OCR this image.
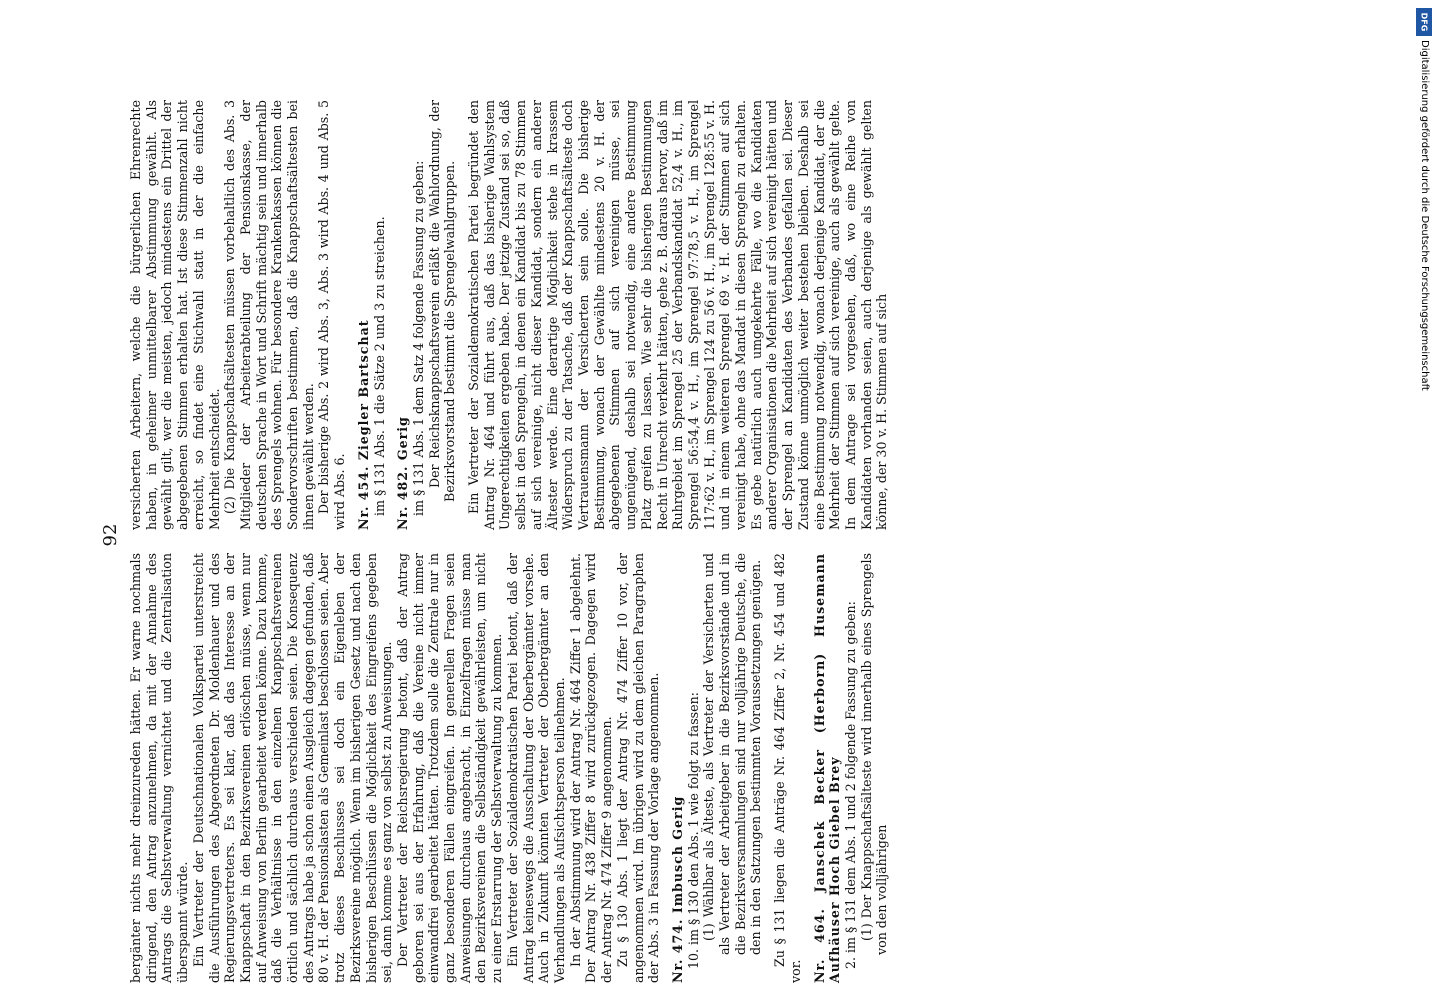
92

bergänter nichts mehr dreinzureden hätten. Er warne nochmals dringend, den Antrag anzunehmen, da mit der Annahme des Antrags die Selbstverwaltung vernichtet und die Zentralisation überspannt würde. Ein Vertreter der Deutschnationalen Volkspartei unterstreicht die Ausführungen des Abgeordneten Dr. Moldenhauer und des Regierungsvertreters. Es sei klar, daß das Interesse an der Knappschaft in den Bezirksvereinen erlöschen müsse, wenn nur auf Anweisung von Berlin gearbeitet werden könne. Dazu komme, daß die Verhältnisse in den einzelnen Knappschaftsvereinen örtlich und sächlich durchaus verschieden seien. Die Konsequenz des Antrags habe ja schon einen Ausgleich dagegen gefunden, daß 80 v. H. der Pensionslasten als Gemeinlast beschlossen seien. Aber trotz dieses Beschlusses sei doch ein Eigenleben der Bezirksvereine möglich. Wenn im bisherigen Gesetz und nach den bisherigen Beschlüssen die Möglichkeit des Eingreifens gegeben sei, dann komme es ganz von selbst zu Anweisungen. Der Vertreter der Reichsregierung betont, daß der Antrag geboren sei aus der Erfahrung, daß die Vereine nicht immer einwandfrei gearbeitet hätten. Trotzdem solle die Zentrale nur in ganz besonderen Fällen eingreifen. In generellen Fragen seien Anweisungen durchaus angebracht, in Einzelfragen müsse man den Bezirksvereinen die Selbständigkeit gewährleisten, um nicht zu einer Erstarrung der Selbstverwaltung zu kommen. Ein Vertreter der Sozialdemokratischen Partei betont, daß der Antrag keineswegs die Ausschaltung der Oberbergämter vorsehe. Auch in Zukunft könnten Vertreter der Oberbergämter an den Verhandlungen als Aufsichtsperson teilnehmen. In der Abstimmung wird der Antrag Nr. 464 Ziffer 1 abgelehnt. Der Antrag Nr. 438 Ziffer 8 wird zurückgezogen. Dagegen wird der Antrag Nr. 474 Ziffer 9 angenommen. Zu § 130 Abs. 1 liegt der Antrag Nr. 474 Ziffer 10 vor, der angenommen wird. Im übrigen wird zu dem gleichen Paragraphen der Abs. 3 in Fassung der Vorlage angenommen. Nr. 474. Imbusch Gerig 10. im § 130 den Abs. 1 wie folgt zu fassen: (1) Wählbar als Älteste, als Vertreter der Versicherten und als Vertreter der Arbeitgeber in die Bezirksvorstände und in die Bezirksversammlungen sind nur volljährige Deutsche, die den in den Satzungen bestimmten Voraussetzungen genügen. Zu § 131 liegen die Anträge Nr. 464 Ziffer 2, Nr. 454 und 482 vor. Nr. 464. Janschek Becker (Herborn) Husemann Aufhäuser Hoch Giebel Brey 2. im § 131 dem Abs. 1 und 2 folgende Fassung zu geben: (1) Der Knappschaftsälteste wird innerhalb eines Sprengels von den volljährigen

versicherten Arbeitern, welche die bürgerlichen Ehrenrechte haben, in geheimer unmittelbarer Abstimmung gewählt. Als gewählt gilt, wer die meisten, jedoch mindestens ein Drittel der abgegebenen Stimmen erhalten hat. Ist diese Stimmenzahl nicht erreicht, so findet eine Stichwahl statt in der die einfache Mehrheit entscheidet. (2) Die Knappschaftsältesten müssen vorbehaltlich des Abs. 3 Mitglieder der Arbeiterabteilung der Pensionskasse, der deutschen Sprache in Wort und Schrift mächtig sein und innerhalb des Sprengels wohnen. Für besondere Krankenkassen können die Sondervorschriften bestimmen, daß die Knappschaftsältesten bei ihnen gewählt werden. Der bisherige Abs. 2 wird Abs. 3, Abs. 3 wird Abs. 4 und Abs. 5 wird Abs. 6. Nr. 454. Ziegler Bartschat im § 131 Abs. 1 die Sätze 2 und 3 zu streichen. Nr. 482. Gerig im § 131 Abs. 1 dem Satz 4 folgende Fassung zu geben: Der Reichsknappschaftsverein erläßt die Wahlordnung, der Bezirksvorstand bestimmt die Sprengelwahlgruppen. Ein Vertreter der Sozialdemokratischen Partei begründet den Antrag Nr. 464 und führt aus, daß das bisherige Wahlsystem Ungerechtigkeiten ergeben habe. Der jetzige Zustand sei so, daß selbst in den Sprengeln, in denen ein Kandidat bis zu 78 Stimmen auf sich vereinige, nicht dieser Kandidat, sondern ein anderer Ältester werde. Eine derartige Möglichkeit stehe in krassem Widerspruch zu der Tatsache, daß der Knappschaftsälteste doch Vertrauensmann der Versicherten sein solle. Die bisherige Bestimmung, wonach der Gewählte mindestens 20 v. H. der abgegebenen Stimmen auf sich vereinigen müsse, sei ungenügend, deshalb sei notwendig, eine andere Bestimmung Platz greifen zu lassen. Wie sehr die bisherigen Bestimmungen Recht in Unrecht verkehrt hätten, gehe z. B. daraus hervor, daß im Ruhrgebiet im Sprengel 25 der Verbandskandidat 52,4 v. H., im Sprengel 56:54,4 v. H., im Sprengel 97:78,5 v. H., im Sprengel 117:62 v. H., im Sprengel 124 zu 56 v. H., im Sprengel 128:55 v. H. und in einem weiteren Sprengel 69 v. H. der Stimmen auf sich vereinigt habe, ohne das Mandat in diesen Sprengeln zu erhalten. Es gebe natürlich auch umgekehrte Fälle, wo die Kandidaten anderer Organisationen die Mehrheit auf sich vereinigt hätten und der Sprengel an Kandidaten des Verbandes gefallen sei. Dieser Zustand könne unmöglich weiter bestehen bleiben. Deshalb sei eine Bestimmung notwendig, wonach derjenige Kandidat, der die Mehrheit der Stimmen auf sich vereinige, auch als gewählt gelte. In dem Antrage sei vorgesehen, daß, wo eine Reihe von Kandidaten vorhanden seien, auch derjenige als gewählt gelten könne, der 30 v. H. Stimmen auf sich

DFG
Digitalisierung gefördert durch die Deutsche Forschungsgemeinschaft
